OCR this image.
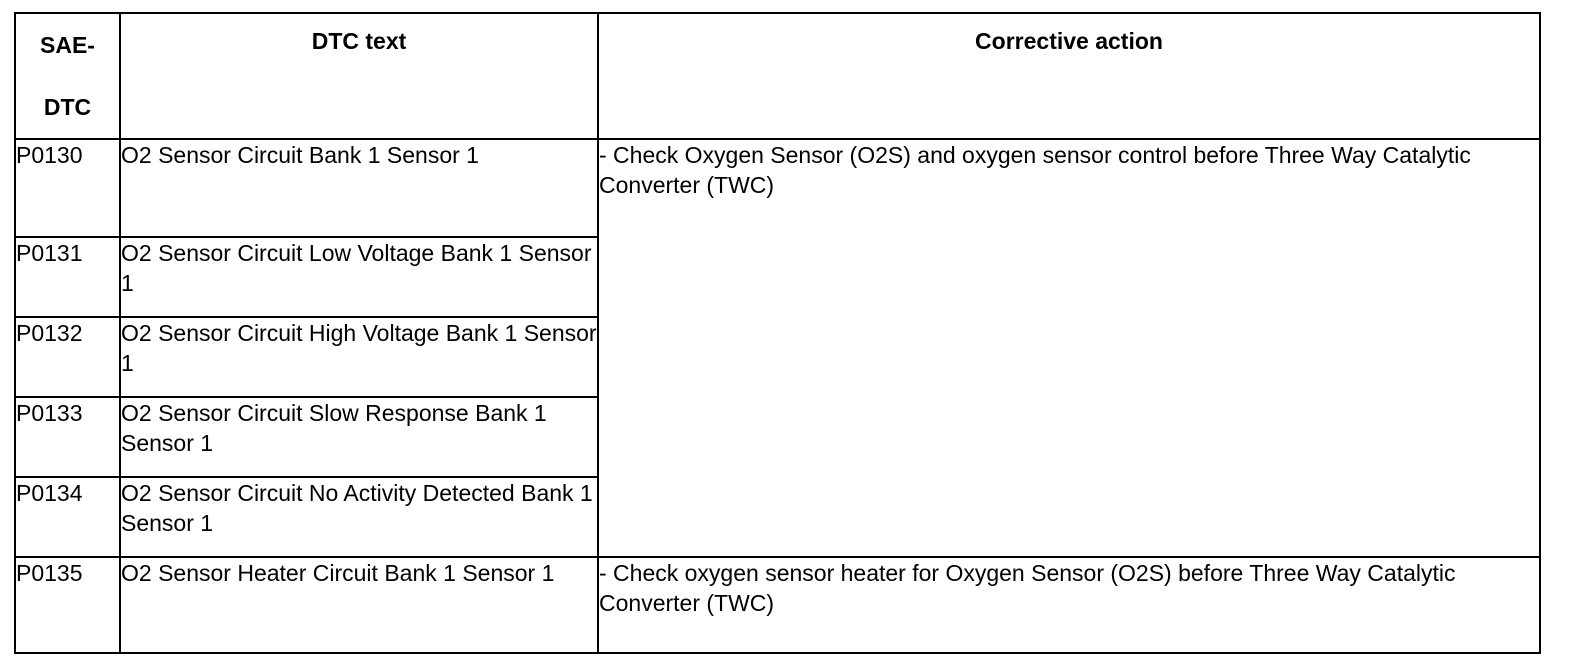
SAE-
DTC	DTC text	Corrective action

P0130	O2 Sensor Circuit Bank 1 Sensor 1	- Check Oxygen Sensor (O2S) and oxygen sensor control before Three Way Catalytic Converter (TWC)
P0131	O2 Sensor Circuit Low Voltage Bank 1 Sensor 1	
P0132	O2 Sensor Circuit High Voltage Bank 1 Sensor 1	
P0133	O2 Sensor Circuit Slow Response Bank 1 Sensor 1	
P0134	O2 Sensor Circuit No Activity Detected Bank 1 Sensor 1	
P0135	O2 Sensor Heater Circuit Bank 1 Sensor 1	- Check oxygen sensor heater for Oxygen Sensor (O2S) before Three Way Catalytic Converter (TWC)
